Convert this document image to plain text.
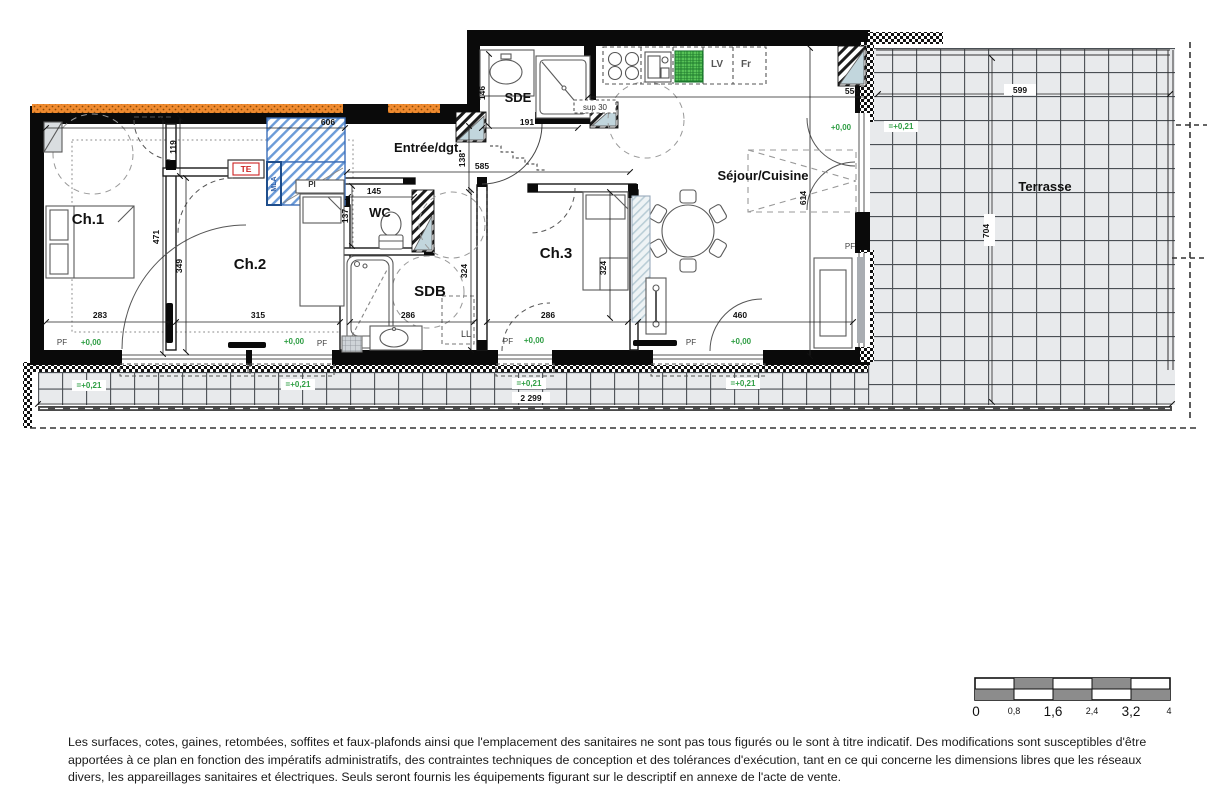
Ch.1
Ch.2
Ch.3
SDE
WC
SDB
Entrée/dgt.
Séjour/Cuisine
Terrasse
606
119
471
349
283	315	286	286	460
145
137
146
191
138 585
556
324	324
614
599
704
2 299
PF +0,00	+0,00 PF	PF +0,00	PF	+0,00
+0,00
PF
=+0,21	=+0,21	=+0,21	=+0,21
=+0,21
TE
Pl
MLA
LV Fr
sup 30
LL
0	0,8 1,6	2,4 3,2	4
Les surfaces, cotes, gaines, retombées, soffites et faux-plafonds ainsi que l'emplacement des sanitaires ne sont pas tous figurés ou le sont à titre indicatif. Des modifications sont susceptibles d'être apportées à ce plan en fonction des impératifs administratifs, des contraintes techniques de conception et des tolérances d'exécution, tant en ce qui concerne les dimensions libres que les réseaux divers, les appareillages sanitaires et électriques. Seuls seront fournis les équipements figurant sur le descriptif en annexe de l'acte de vente.
